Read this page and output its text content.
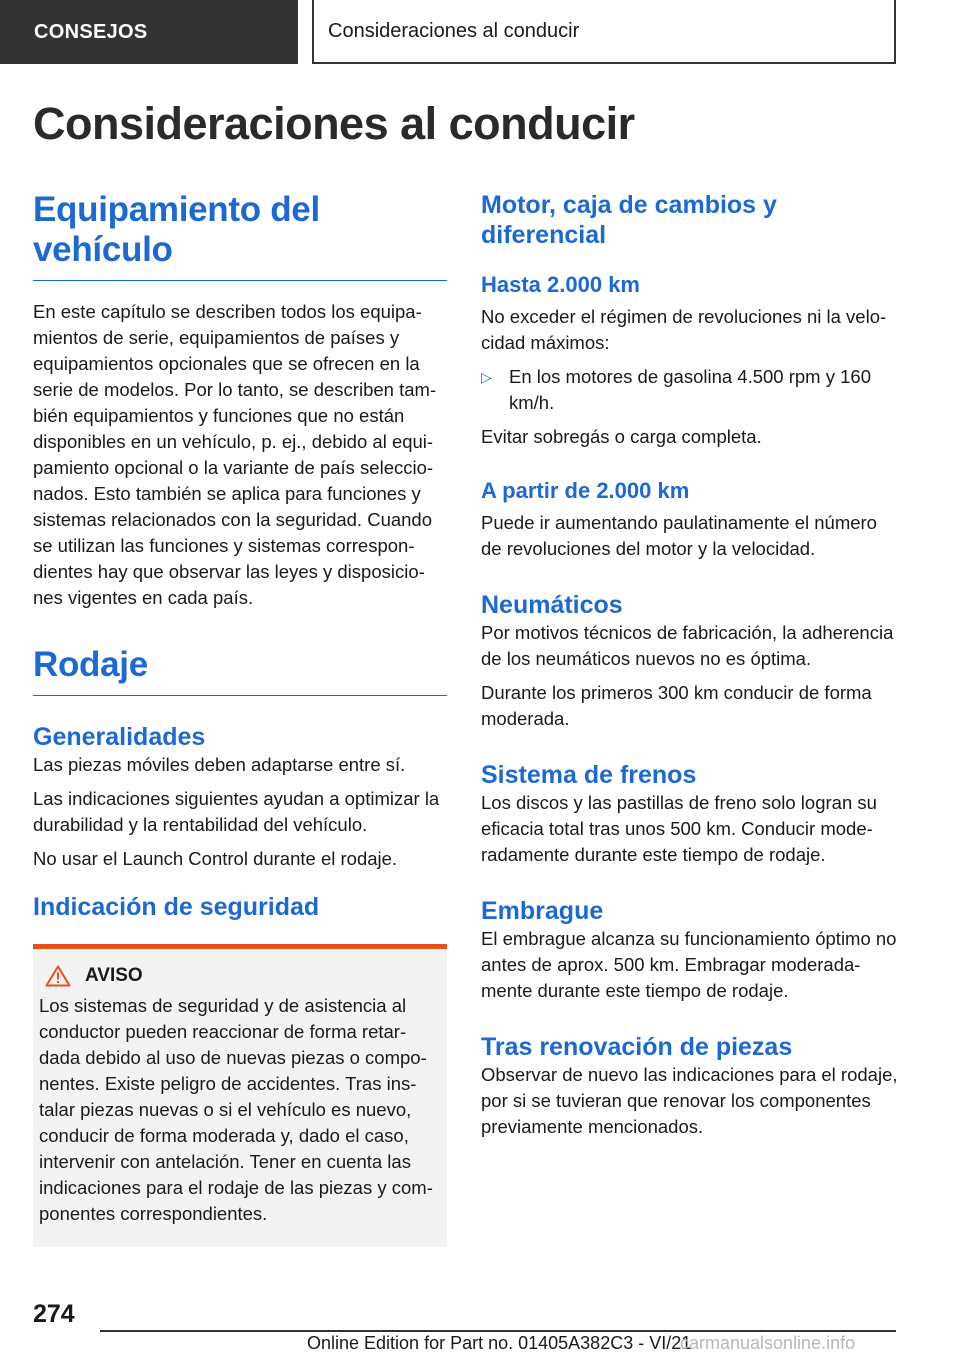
CONSEJOS	Consideraciones al conducir
Consideraciones al conducir
Equipamiento del vehículo

En este capítulo se describen todos los equipamientos de serie, equipamientos de países y equipamientos opcionales que se ofrecen en la serie de modelos. Por lo tanto, se describen también equipamientos y funciones que no están disponibles en un vehículo, p. ej., debido al equipamiento opcional o la variante de país seleccionados. Esto también se aplica para funciones y sistemas relacionados con la seguridad. Cuando se utilizan las funciones y sistemas correspondientes hay que observar las leyes y disposiciones vigentes en cada país.

Rodaje
Generalidades

Las piezas móviles deben adaptarse entre sí.

Las indicaciones siguientes ayudan a optimizar la durabilidad y la rentabilidad del vehículo.

No usar el Launch Control durante el rodaje.

Indicación de seguridad
AVISO

Los sistemas de seguridad y de asistencia al conductor pueden reaccionar de forma retardada debido al uso de nuevas piezas o componentes. Existe peligro de accidentes. Tras instalar piezas nuevas o si el vehículo es nuevo, conducir de forma moderada y, dado el caso, intervenir con antelación. Tener en cuenta las indicaciones para el rodaje de las piezas y componentes correspondientes.

Motor, caja de cambios y diferencial
Hasta 2.000 km

No exceder el régimen de revoluciones ni la velocidad máximos:

▷ En los motores de gasolina 4.500 rpm y 160 km/h.

Evitar sobregás o carga completa.

A partir de 2.000 km

Puede ir aumentando paulatinamente el número de revoluciones del motor y la velocidad.

Neumáticos

Por motivos técnicos de fabricación, la adherencia de los neumáticos nuevos no es óptima.

Durante los primeros 300 km conducir de forma moderada.

Sistema de frenos

Los discos y las pastillas de freno solo logran su eficacia total tras unos 500 km. Conducir moderadamente durante este tiempo de rodaje.

Embrague

El embrague alcanza su funcionamiento óptimo no antes de aprox. 500 km. Embragar moderadamente durante este tiempo de rodaje.

Tras renovación de piezas

Observar de nuevo las indicaciones para el rodaje, por si se tuvieran que renovar los componentes previamente mencionados.

274
Online Edition for Part no. 01405A382C3 - VI/21
carmanualsonline.info
